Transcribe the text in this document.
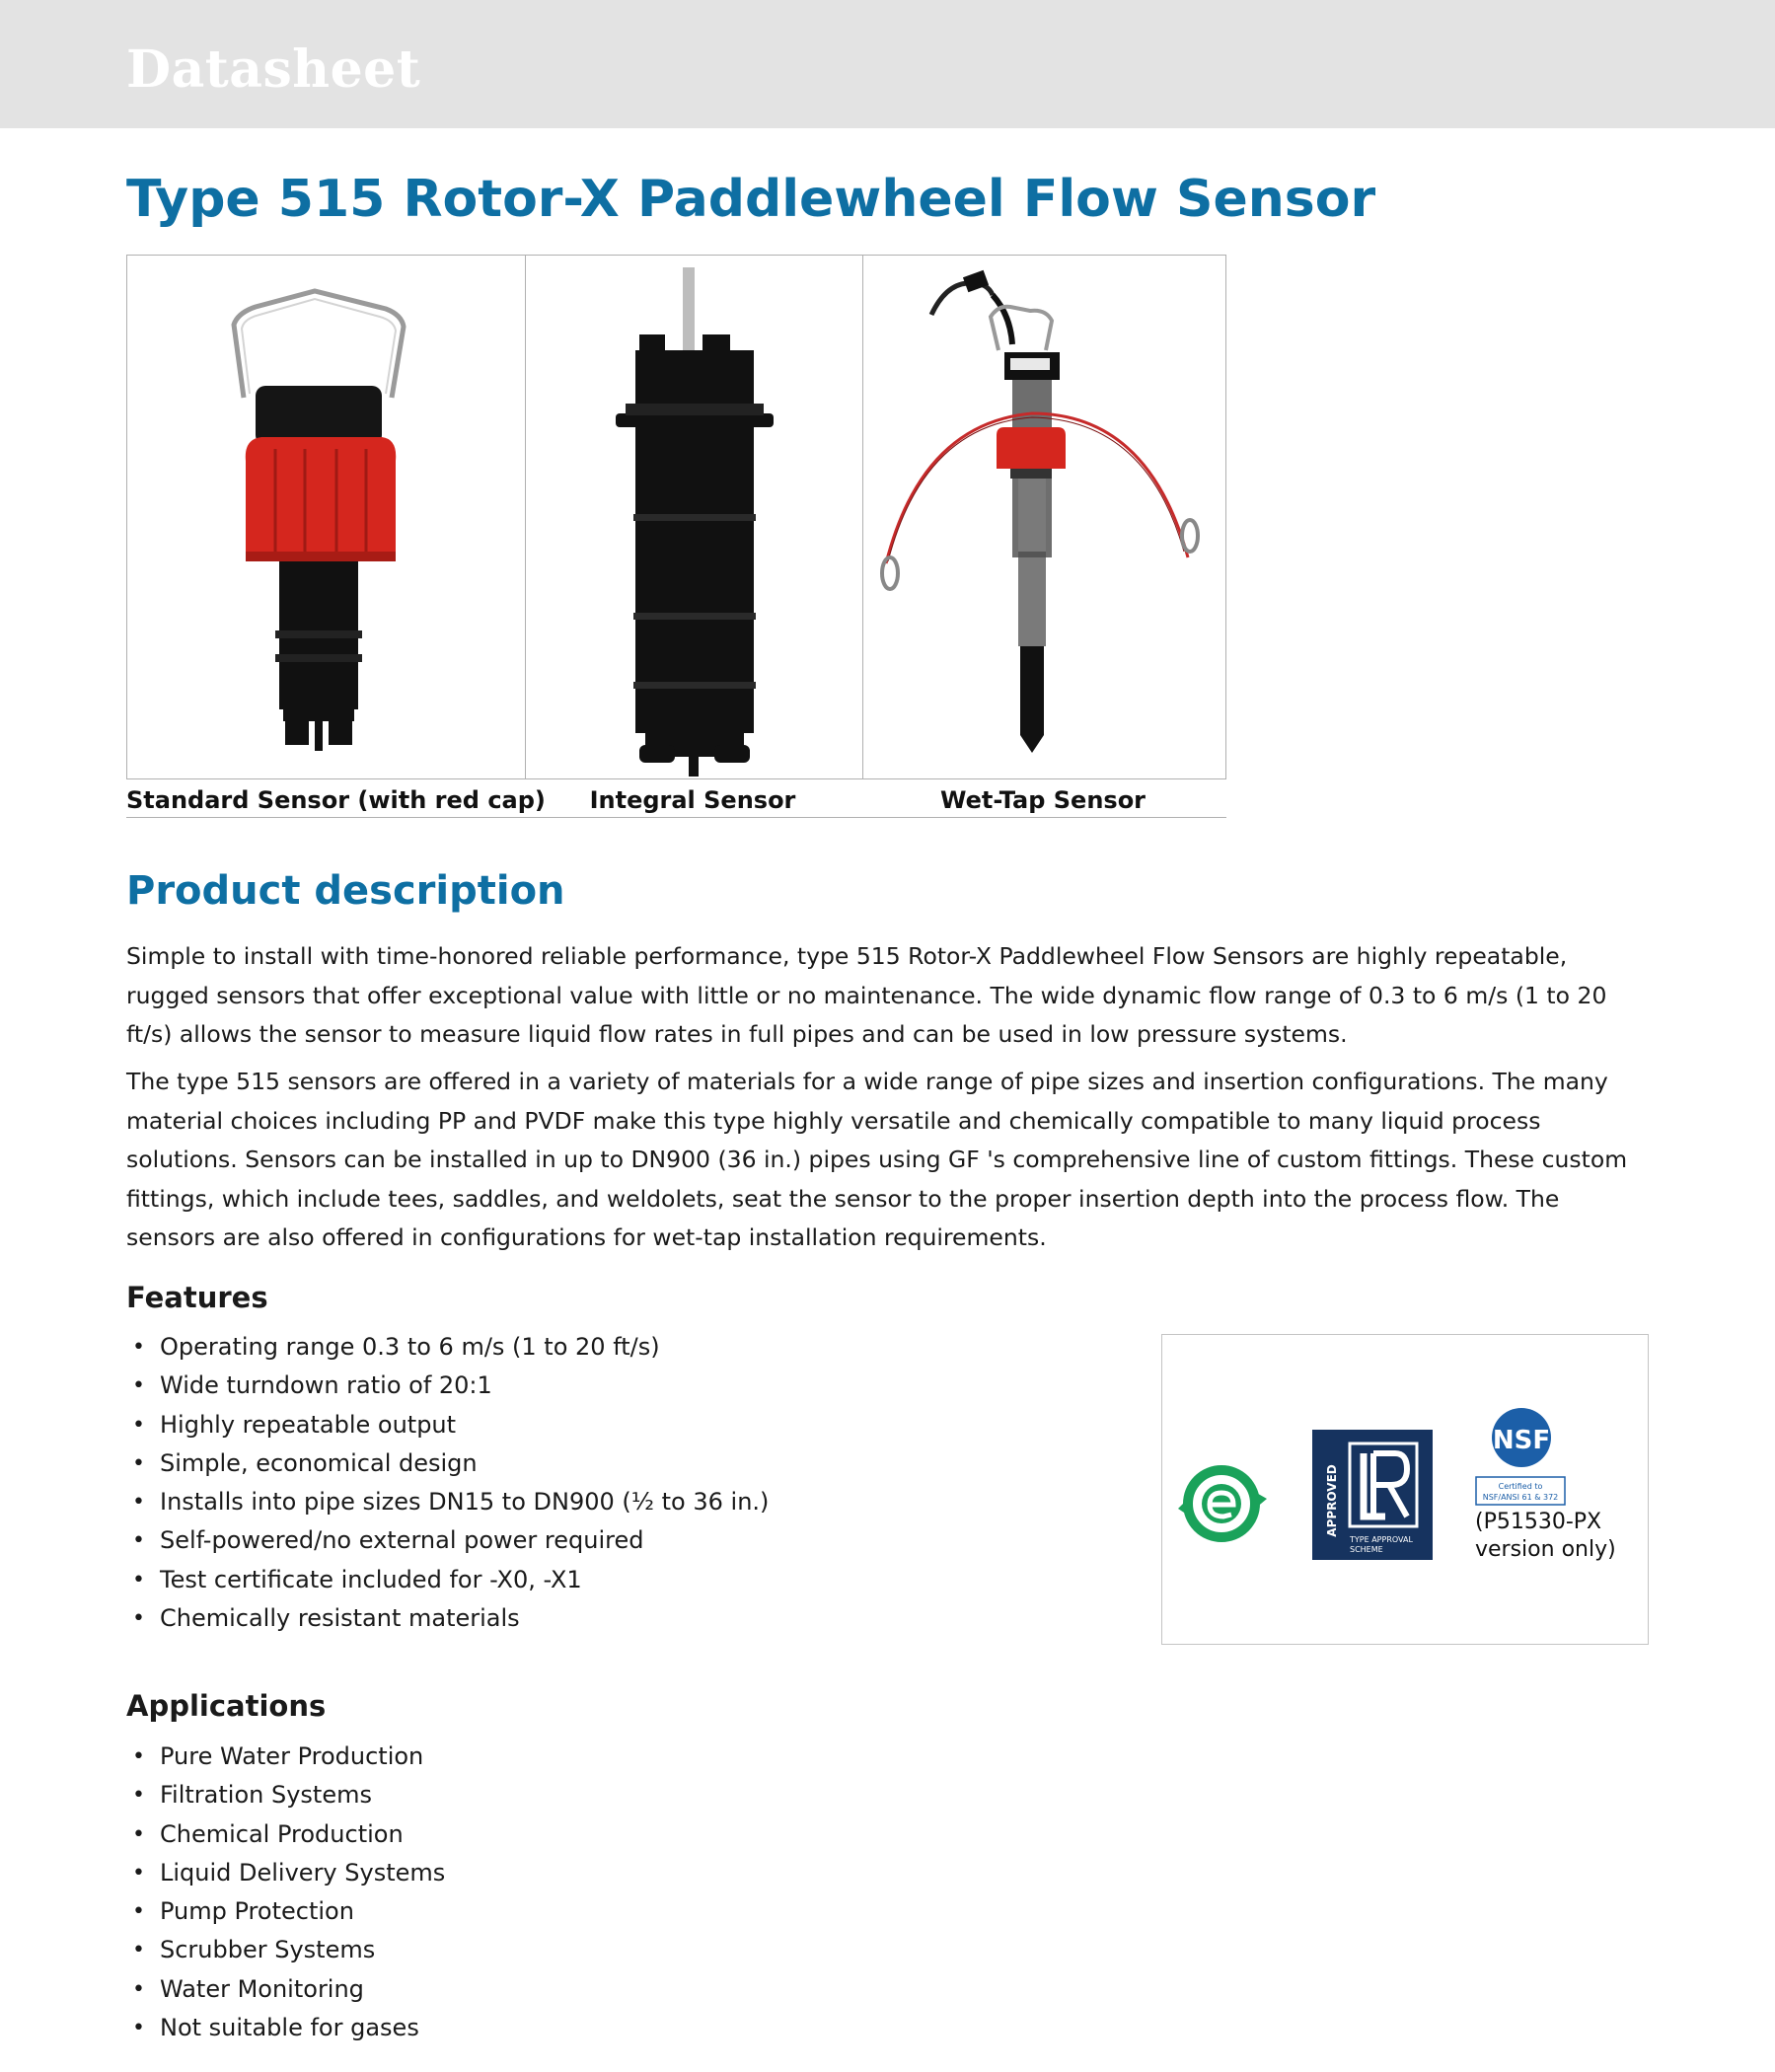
Datasheet
Type 515 Rotor-X Paddlewheel Flow Sensor
Standard Sensor (with red cap)	Integral Sensor	Wet-Tap Sensor
Product description

Simple to install with time-honored reliable performance, type 515 Rotor-X Paddlewheel Flow Sensors are highly repeatable, rugged sensors that offer exceptional value with little or no maintenance. The wide dynamic flow range of 0.3 to 6 m/s (1 to 20 ft/s) allows the sensor to measure liquid flow rates in full pipes and can be used in low pressure systems.

The type 515 sensors are offered in a variety of materials for a wide range of pipe sizes and insertion configurations. The many material choices including PP and PVDF make this type highly versatile and chemically compatible to many liquid process solutions. Sensors can be installed in up to DN900 (36 in.) pipes using GF 's comprehensive line of custom fittings. These custom fittings, which include tees, saddles, and weldolets, seat the sensor to the proper insertion depth into the process flow. The sensors are also offered in configurations for wet-tap installation requirements.

Features
• Operating range 0.3 to 6 m/s (1 to 20 ft/s)
• Wide turndown ratio of 20:1
• Highly repeatable output
• Simple, economical design
• Installs into pipe sizes DN15 to DN900 (½ to 36 in.)
• Self-powered/no external power required
• Test certificate included for -X0, -X1
• Chemically resistant materials
APPROVED
TYPE APPROVAL
SCHEME
NSF
Certified to
NSF/ANSI 61 & 372
(P51530-PX
version only)
Applications
• Pure Water Production
• Filtration Systems
• Chemical Production
• Liquid Delivery Systems
• Pump Protection
• Scrubber Systems
• Water Monitoring
• Not suitable for gases
